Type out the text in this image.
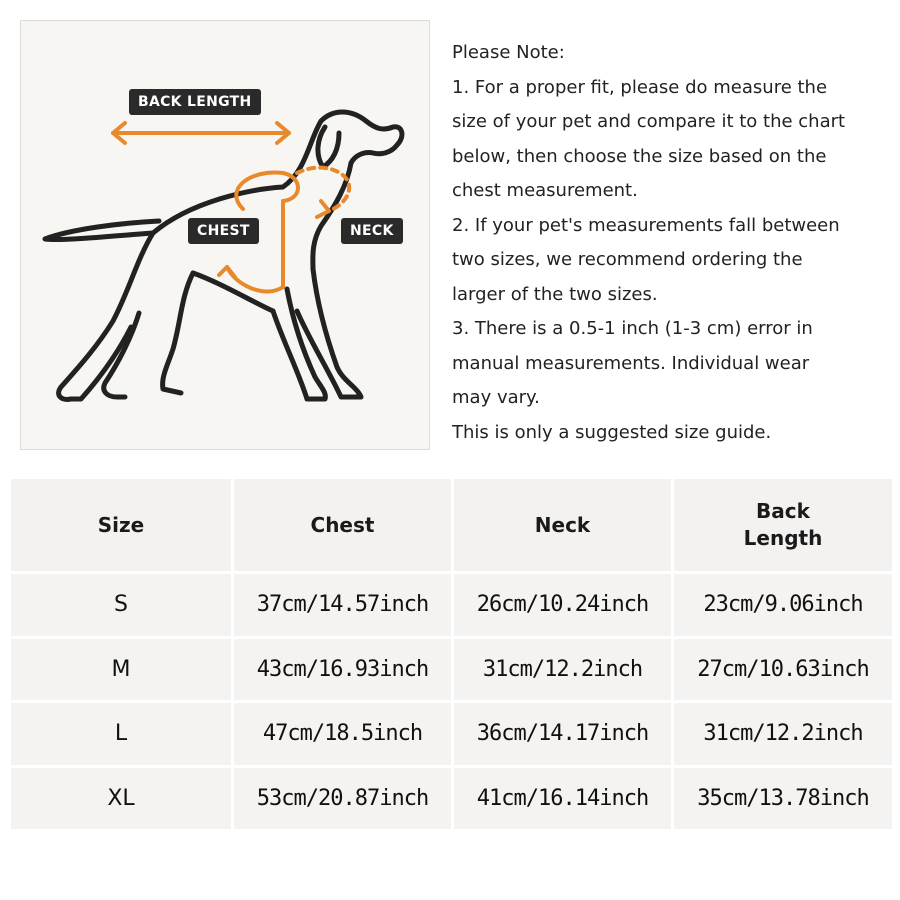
BACK LENGTH
CHEST	NECK

Please Note:

1. For a proper fit, please do measure the

size of your pet and compare it to the chart

below, then choose the size based on the

chest measurement.

2. If your pet's measurements fall between

two sizes, we recommend ordering the

larger of the two sizes.

3. There is a 0.5-1 inch (1-3 cm) error in

manual measurements. Individual wear

may vary.

This is only a suggested size guide.

Size	Chest	Neck	Back Length
S	37cm/14.57inch	26cm/10.24inch	23cm/9.06inch
M	43cm/16.93inch	31cm/12.2inch	27cm/10.63inch
L	47cm/18.5inch	36cm/14.17inch	31cm/12.2inch
XL	53cm/20.87inch	41cm/16.14inch	35cm/13.78inch
